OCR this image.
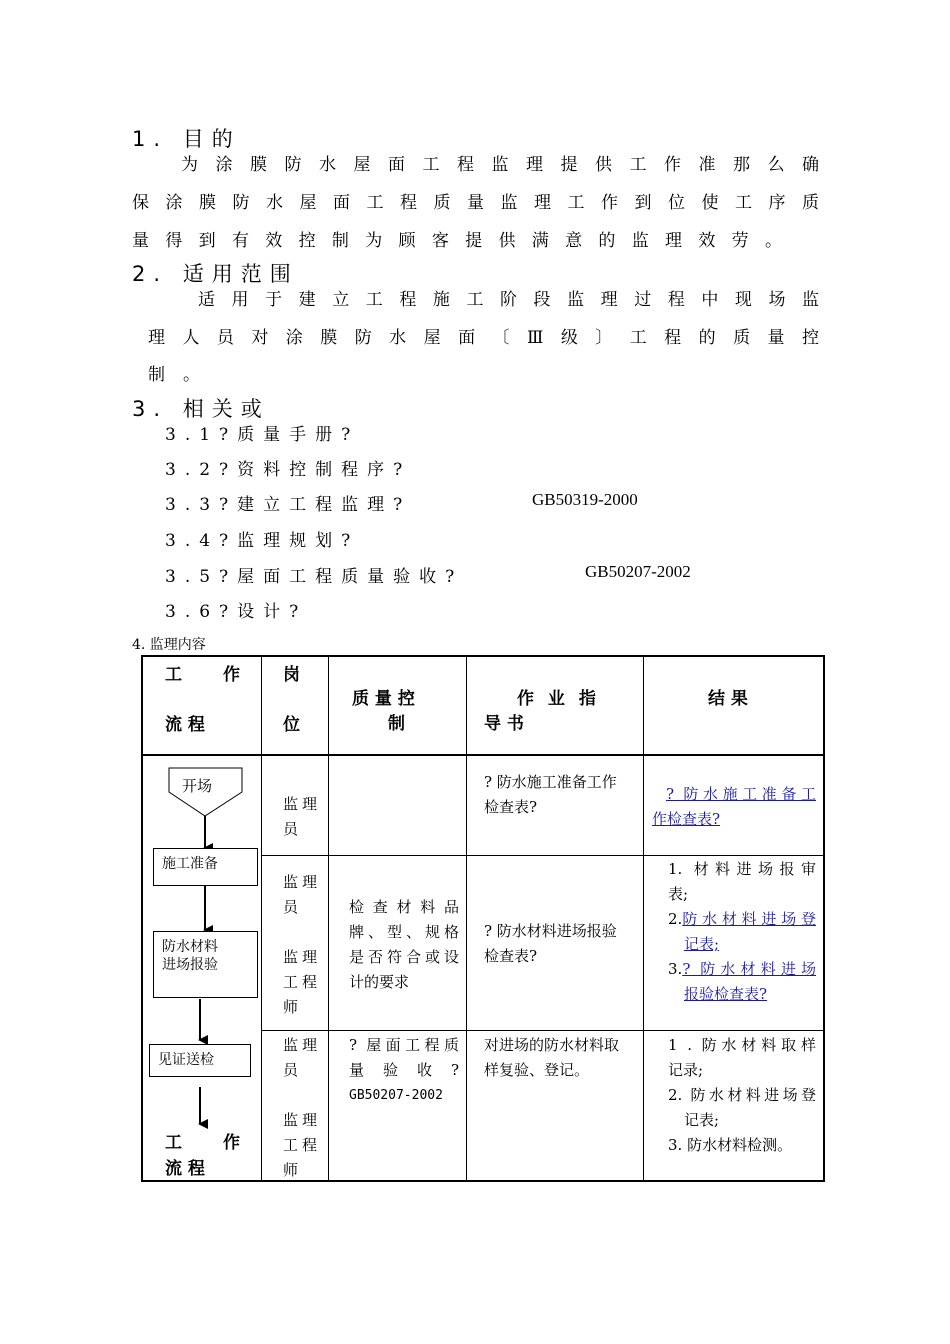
1. 目的
为涂膜防水屋面工程监理提供工作准那么确
保涂膜防水屋面工程质量监理工作到位使工序质
量得到有效控制为顾客提供满意的监理效劳。
2. 适用范围
适用于建立工程施工阶段监理过程中现场监
理人员对涂膜防水屋面〔Ⅲ级〕工程的质量控
制。
3. 相关或
3.1?质量手册?
3.2?资料控制程序?
3.3?建立工程监理?	GB50319-2000
3.4?监理规划?
3.5?屋面工程质量验收?	GB50207-2002
3.6?设计?
4. 监理内容
工 作
流 程
岗
位
质 量 控
制
作 业 指
导 书
结 果
开场
施工准备
防水材料
进场报验
见证送检
工 作
流 程
监理
员
? 防水施工准备工作
检查表?
? 防水施工准备工
作检查表?
监理
员
监理
工程
师
检查材料品
牌、型、规格
是否符合或设
计的要求
? 防水材料进场报验
检查表?
1. 材料进场报审
表;
2. 防水材料进场登
记表;
3. ? 防水材料进场
报验检查表?
监理
员
监理
工程
师
? 屋面工程质
量 验 收 ?
GB50207-2002
对进场的防水材料取
样复验、登记。
1 . 防水材料取样
记录;
2. 防水材料进场登
记表;
3. 防水材料检测。
